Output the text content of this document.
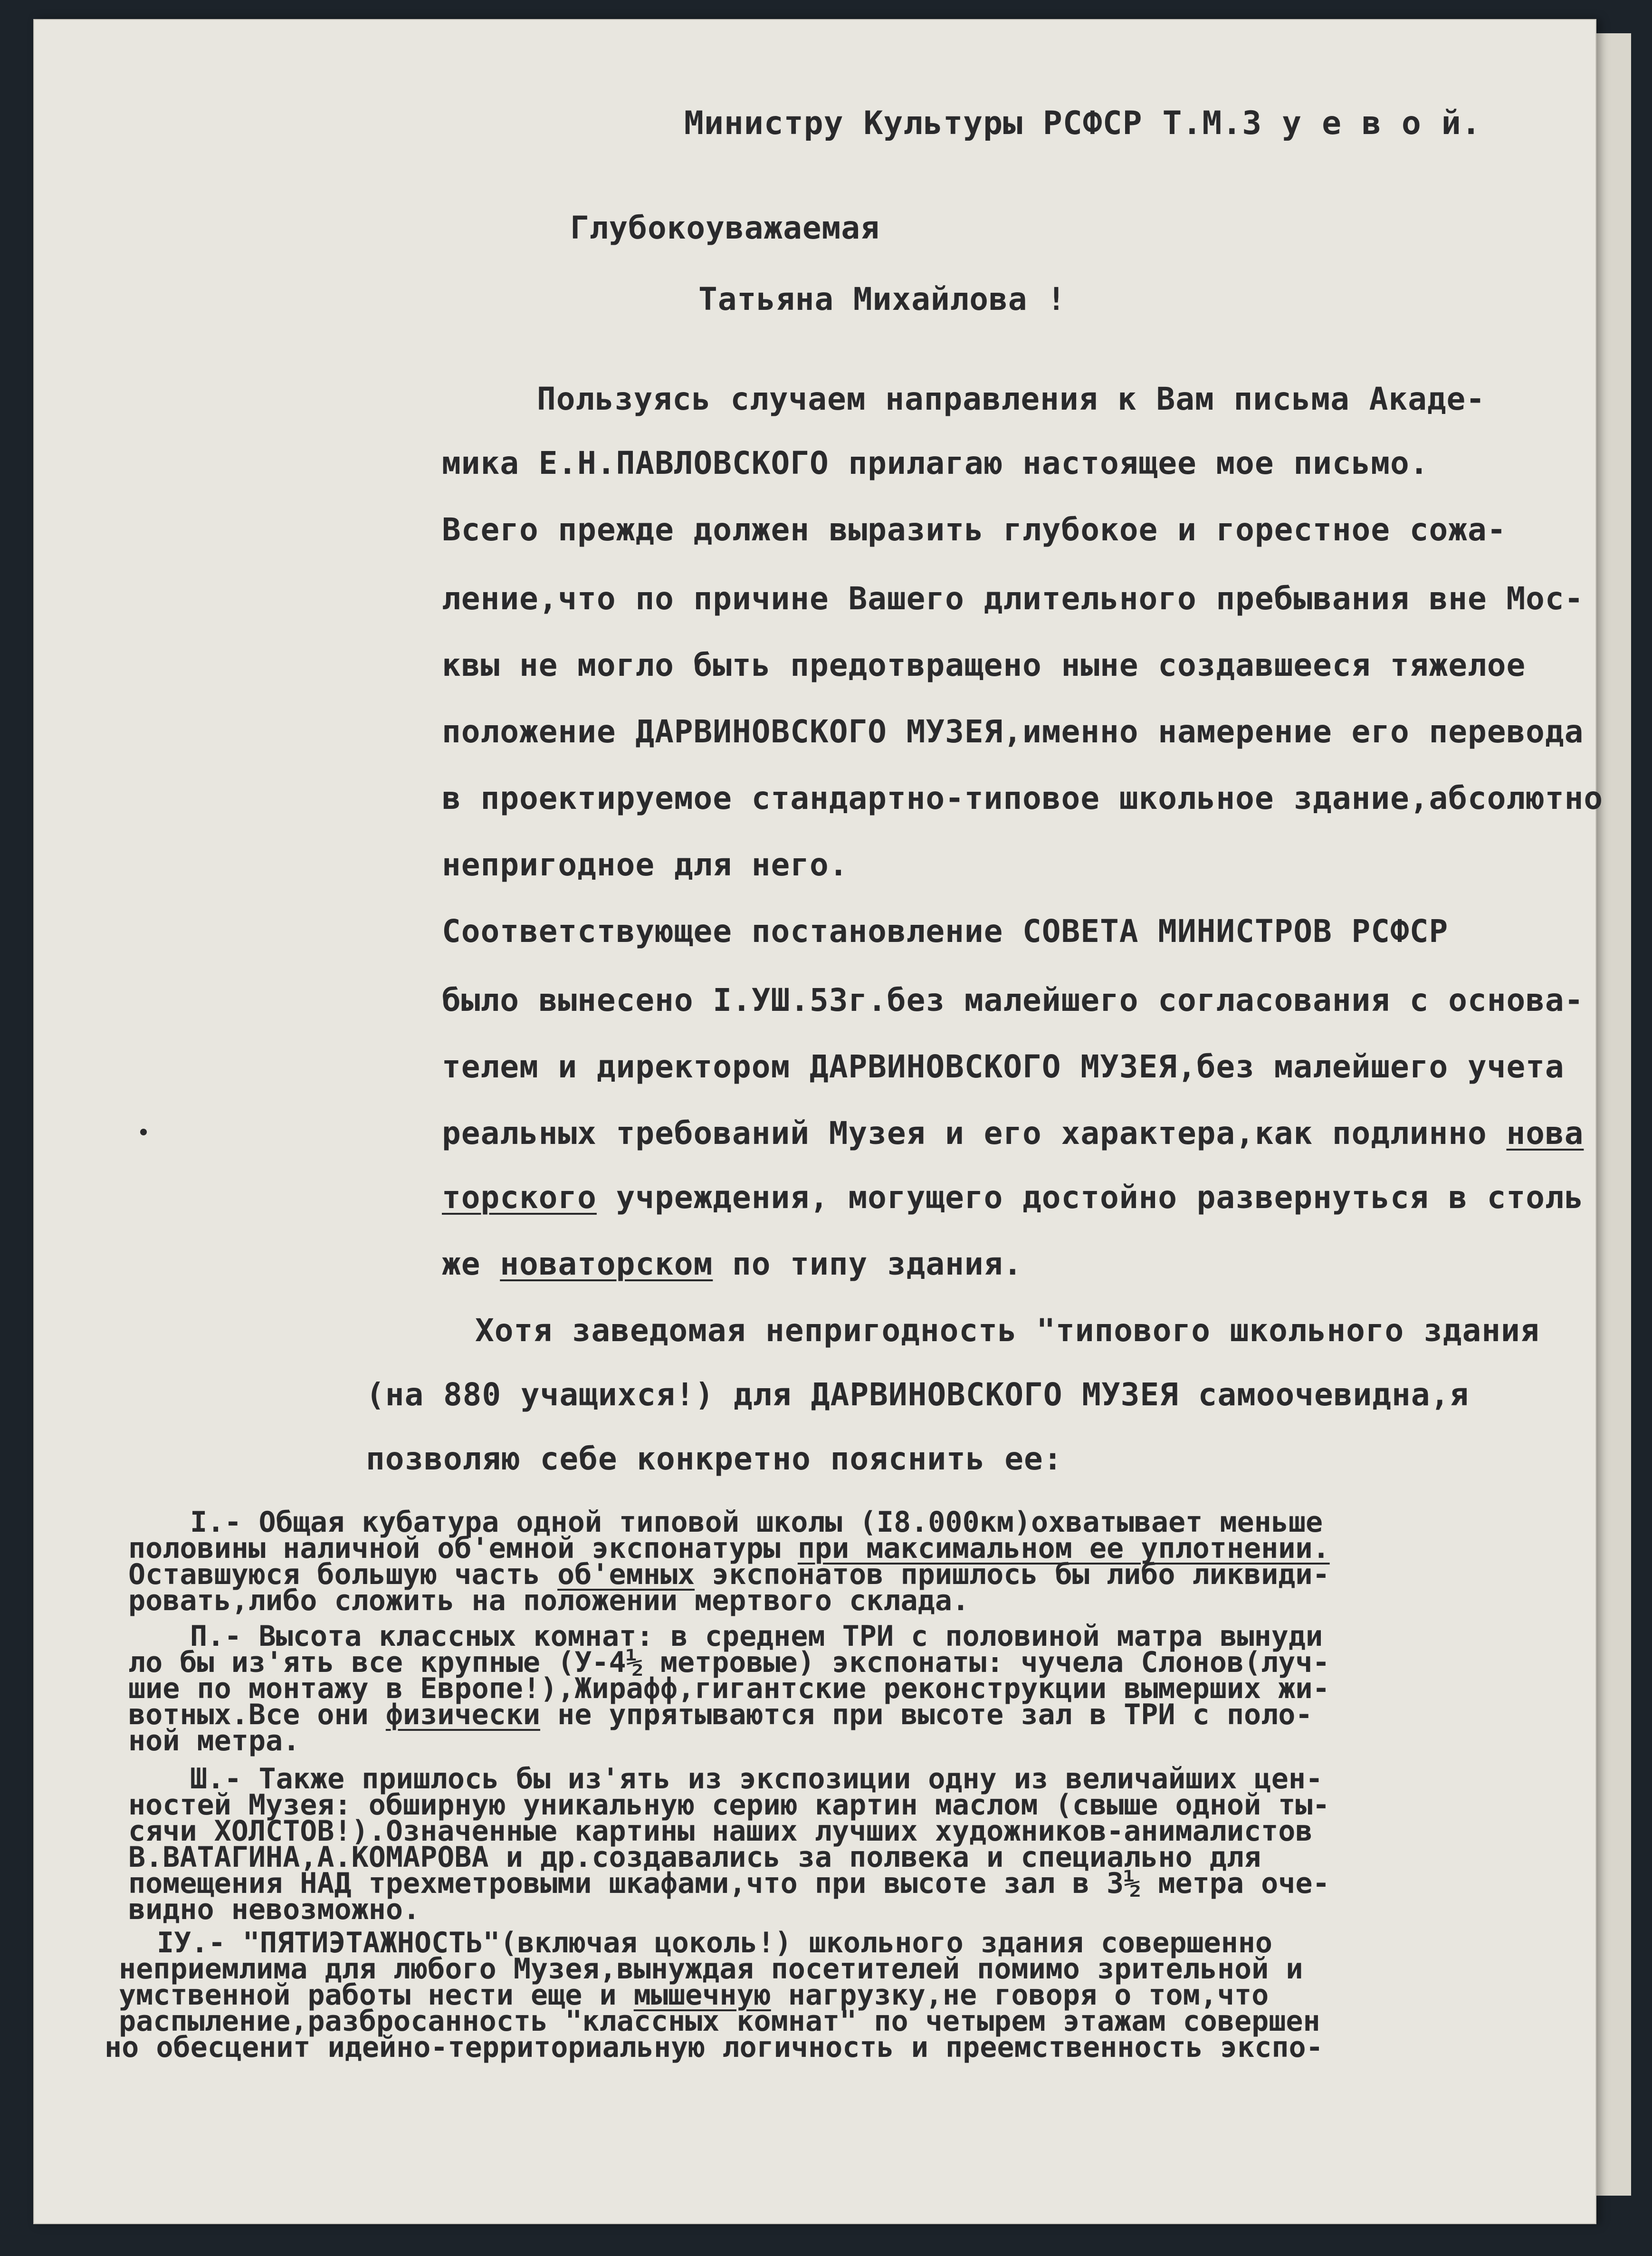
Министру Культуры РСФСР Т.М.З у е в о й.
Глубокоуважаемая
Татьяна Михайлова !
Пользуясь случаем направления к Вам письма Акаде-
мика Е.Н.ПАВЛОВСКОГО прилагаю настоящее мое письмо.
Всего прежде должен выразить глубокое и горестное сожа-
ление,что по причине Вашего длительного пребывания вне Мос-
квы не могло быть предотвращено ныне создавшееся тяжелое
положение ДАРВИНОВСКОГО МУЗЕЯ,именно намерение его перевода
в проектируемое стандартно-типовое школьное здание,абсолютно
непригодное для него.
Соответствующее постановление СОВЕТА МИНИСТРОВ РСФСР
было вынесено I.УШ.53г.без малейшего согласования с основа-
телем и директором ДАРВИНОВСКОГО МУЗЕЯ,без малейшего учета
реальных требований Музея и его характера,как подлинно нова
торского учреждения, могущего достойно развернуться в столь
же новаторском по типу здания.
Хотя заведомая непригодность "типового школьного здания
(на 880 учащихся!) для ДАРВИНОВСКОГО МУЗЕЯ самоочевидна,я
позволяю себе конкретно пояснить ее:
I.- Общая кубатура одной типовой школы (I8.000км)охватывает меньше
половины наличной об'емной экспонатуры при максимальном ее уплотнении.
Оставшуюся большую часть об'емных экспонатов пришлось бы либо ликвиди-
ровать,либо сложить на положении мертвого склада.
П.- Высота классных комнат: в среднем ТРИ с половиной матра вынуди
ло бы из'ять все крупные (У-4½ метровые) экспонаты: чучела Слонов(луч-
шие по монтажу в Европе!),Жирафф,гигантские реконструкции вымерших жи-
вотных.Все они физически не упрятываются при высоте зал в ТРИ с поло-
ной метра.
Ш.- Также пришлось бы из'ять из экспозиции одну из величайших цен-
ностей Музея: обширную уникальную серию картин маслом (свыше одной ты-
сячи ХОЛСТОВ!).Означенные картины наших лучших художников-анималистов
В.ВАТАГИНА,А.КОМАРОВА и др.создавались за полвека и специально для
помещения НАД трехметровыми шкафами,что при высоте зал в 3½ метра оче-
видно невозможно.
IУ.- "ПЯТИЭТАЖНОСТЬ"(включая цоколь!) школьного здания совершенно
неприемлима для любого Музея,вынуждая посетителей помимо зрительной и
умственной работы нести еще и мышечную нагрузку,не говоря о том,что
распыление,разбросанность "классных комнат" по четырем этажам совершен
но обесценит идейно-территориальную логичность и преемственность экспо-
